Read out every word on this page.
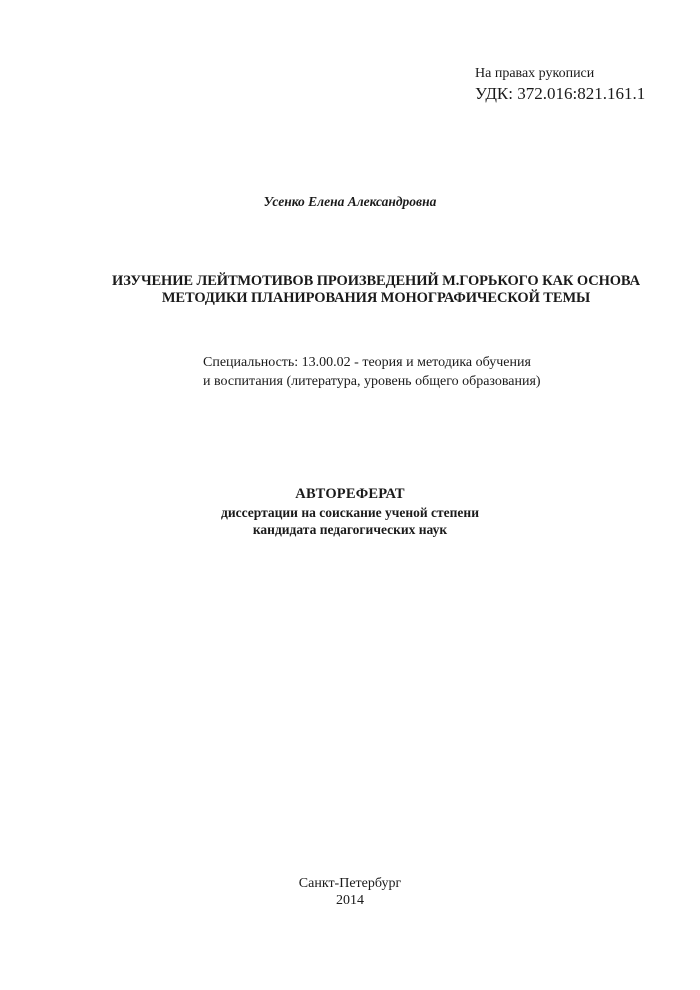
На правах рукописи
УДК: 372.016:821.161.1
Усенко Елена Александровна
ИЗУЧЕНИЕ ЛЕЙТМОТИВОВ ПРОИЗВЕДЕНИЙ М.ГОРЬКОГО КАК ОСНОВА
МЕТОДИКИ ПЛАНИРОВАНИЯ МОНОГРАФИЧЕСКОЙ ТЕМЫ
Специальность: 13.00.02 - теория и методика обучения
и воспитания (литература, уровень общего образования)
АВТОРЕФЕРАТ
диссертации на соискание ученой степени
кандидата педагогических наук
Санкт-Петербург
2014
